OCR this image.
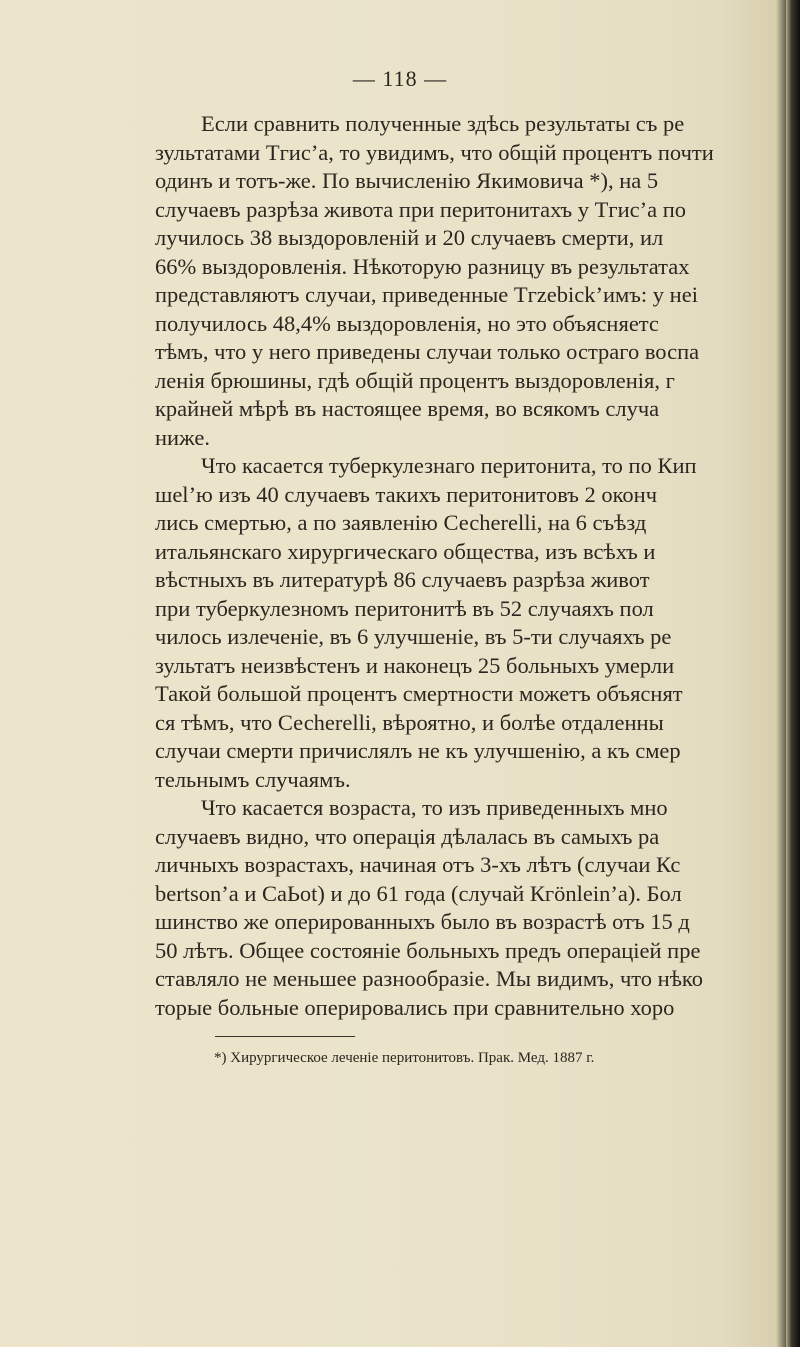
— 118 —
Если сравнить полученные здѣсь результаты съ ре
зультатами Тгис’а, то увидимъ, что общій процентъ почти
одинъ и тотъ-же. По вычисленію Якимовича *), на 5
случаевъ разрѣза живота при перитонитахъ у Тгис’а по
лучилось 38 выздоровленій и 20 случаевъ смерти, ил
66% выздоровленія. Нѣкоторую разницу въ результатах
представляютъ случаи, приведенные Тгzebick’имъ: у неі
получилось 48,4% выздоровленія, но это объясняетс
тѣмъ, что у него приведены случаи только остраго воспа
ленія брюшины, гдѣ общій процентъ выздоровленія, г
крайней мѣрѣ въ настоящее время, во всякомъ случа
ниже.
Что касается туберкулезнаго перитонита, то по Кип
шеl’ю изъ 40 случаевъ такихъ перитонитовъ 2 оконч
лись смертью, а по заявленію Сесhеrellі, на 6 съѣзд
итальянскаго хирургическаго общества, изъ всѣхъ и
вѣстныхъ въ литературѣ 86 случаевъ разрѣза живот
при туберкулезномъ перитонитѣ въ 52 случаяхъ пол
чилось излеченіе, въ 6 улучшеніе, въ 5-ти случаяхъ ре
зультатъ неизвѣстенъ и наконецъ 25 больныхъ умерли
Такой большой процентъ смертности можетъ объяснят
ся тѣмъ, что Сесhеrellі, вѣроятно, и болѣе отдаленны
случаи смерти причислялъ не къ улучшенію, а къ смер
тельнымъ случаямъ.
Что касается возраста, то изъ приведенныхъ мно
случаевъ видно, что операція дѣлалась въ самыхъ ра
личныхъ возрастахъ, начиная отъ 3-хъ лѣтъ (случаи Кс
bеrtson’а и СаЬоt) и до 61 года (случай Кгönlеin’а). Бол
шинство же оперированныхъ было въ возрастѣ отъ 15 д
50 лѣтъ. Общее состояніе больныхъ предъ операціей пре
ставляло не меньшее разнообразіе. Мы видимъ, что нѣко
торые больные оперировались при сравнительно хоро
*) Хирургическое леченіе перитонитовъ. Прак. Мед. 1887 г.
